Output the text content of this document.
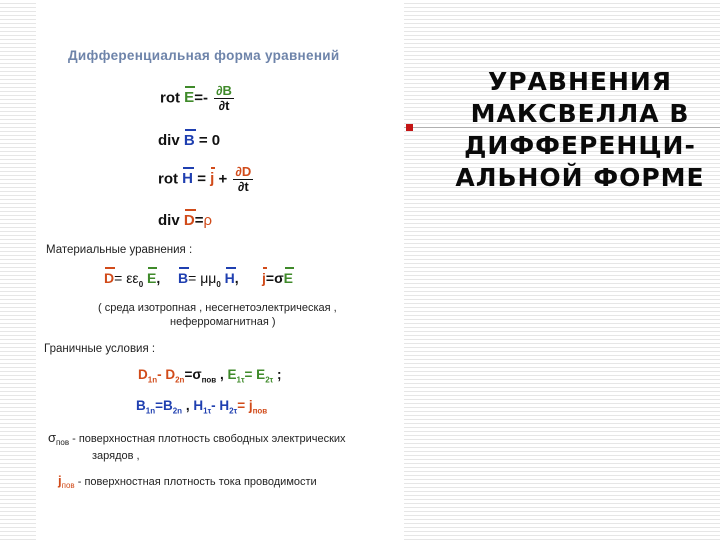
УРАВНЕНИЯ
МАКСВЕЛЛА В
ДИФФЕРЕНЦИ-
АЛЬНОЙ ФОРМЕ
Дифференциальная форма уравнений
rot $E=- \frac{\partial B}{\partial t}$
div B = 0
rot $H = j + \frac{\partial D}{\partial t}$
div D=ρ
Материальные уравнения :
$D= \varepsilon\varepsilon_0$ E, $B= \mu\mu_0$ H, j=σE
( среда изотропная , несегнетоэлектрическая ,
неферромагнитная )
Граничные условия :
$D_{1n}-$ $D_{2n}=\sigma_{пов}$ , $E_{1\tau}= E_{2\tau}$ ;
$B_{1n}=B_{2n}$ , $H_{1\tau}-$ $H_{2\tau}= j_{пов}$
$\sigma_{пов}$ - поверхностная плотность свободных электрических
зарядов ,
$j_{пов}$ - поверхностная плотность тока проводимости
